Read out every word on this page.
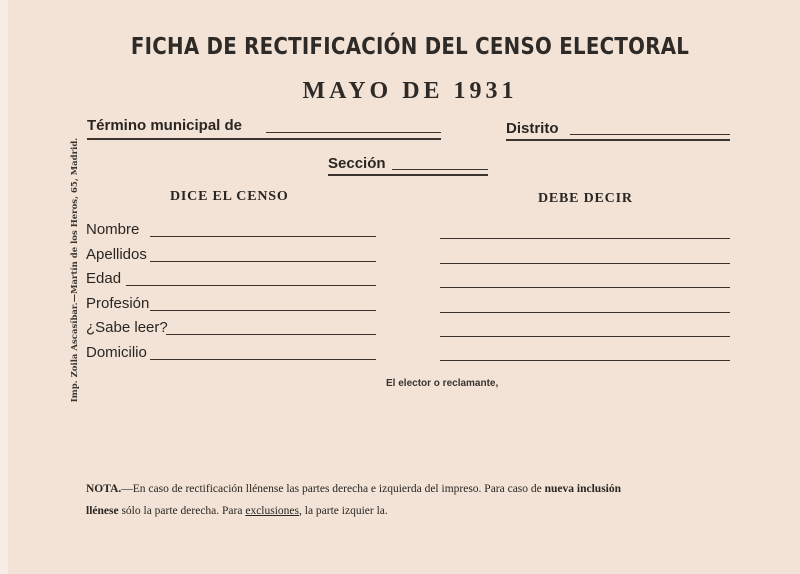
FICHA DE RECTIFICACIÓN DEL CENSO ELECTORAL
MAYO DE 1931
Término municipal de	Distrito
Sección
DICE EL CENSO	DEBE DECIR
Nombre
Apellidos
Edad
Profesión
¿Sabe leer?
Domicilio
Imp. Zoila Ascasíbar.—Martín de los Heros, 65, Madrid.	El elector o reclamante,
NOTA.—En caso de rectificación llénense las partes derecha e izquierda del impreso. Para caso de nueva inclusión
llénese sólo la parte derecha. Para exclusiones, la parte izquier la.
